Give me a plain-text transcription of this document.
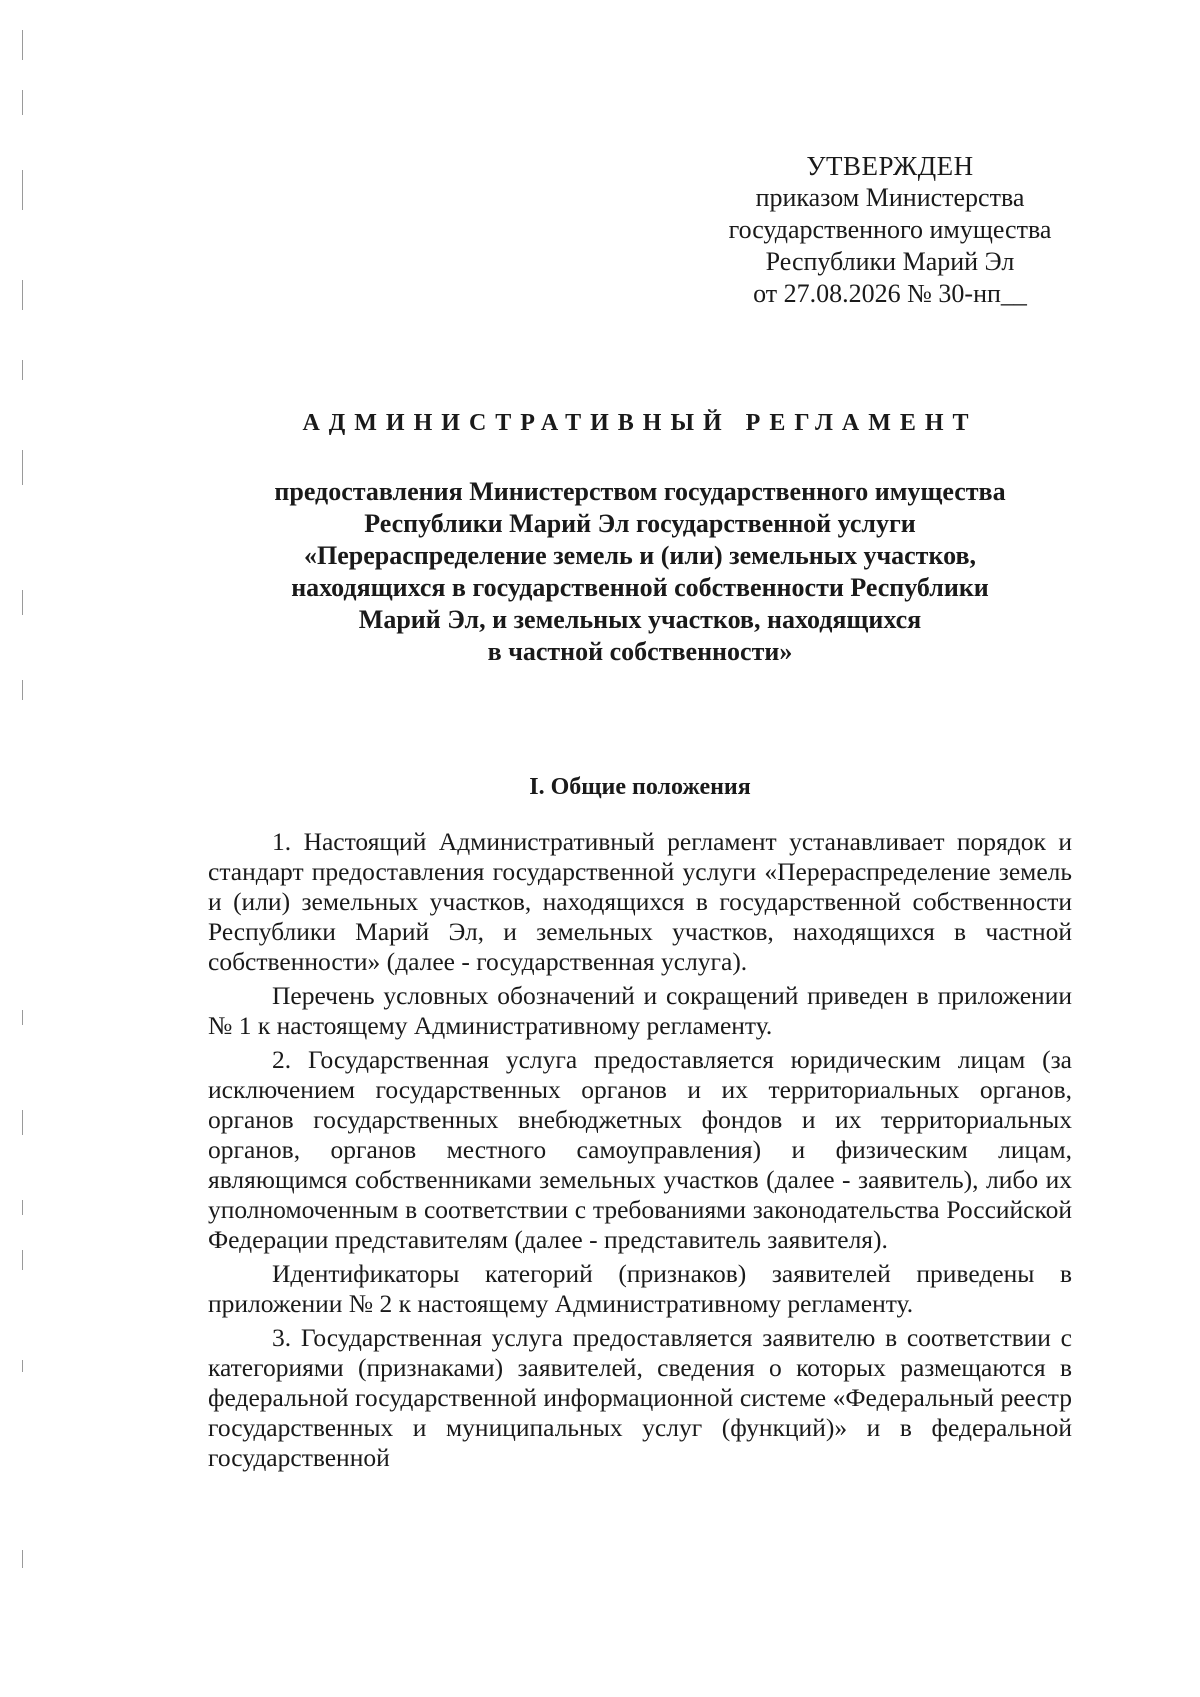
УТВЕРЖДЕН
приказом Министерства
государственного имущества
Республики Марий Эл
от 27.08.2026 № 30-нп__
АДМИНИСТРАТИВНЫЙ РЕГЛАМЕНТ
предоставления Министерством государственного имущества
Республики Марий Эл государственной услуги
«Перераспределение земель и (или) земельных участков,
находящихся в государственной собственности Республики
Марий Эл, и земельных участков, находящихся
в частной собственности»
I. Общие положения

1. Настоящий Административный регламент устанавливает порядок и стандарт предоставления государственной услуги «Перераспределение земель и (или) земельных участков, находящихся в государственной собственности Республики Марий Эл, и земельных участков, находящихся в частной собственности» (далее - государственная услуга).

Перечень условных обозначений и сокращений приведен в приложении № 1 к настоящему Административному регламенту.

2. Государственная услуга предоставляется юридическим лицам (за исключением государственных органов и их территориальных органов, органов государственных внебюджетных фондов и их территориальных органов, органов местного самоуправления) и физическим лицам, являющимся собственниками земельных участков (далее - заявитель), либо их уполномоченным в соответствии с требованиями законодательства Российской Федерации представителям (далее - представитель заявителя).

Идентификаторы категорий (признаков) заявителей приведены в приложении № 2 к настоящему Административному регламенту.

3. Государственная услуга предоставляется заявителю в соответствии с категориями (признаками) заявителей, сведения о которых размещаются в федеральной государственной информационной системе «Федеральный реестр государственных и муниципальных услуг (функций)» и в федеральной государственной
